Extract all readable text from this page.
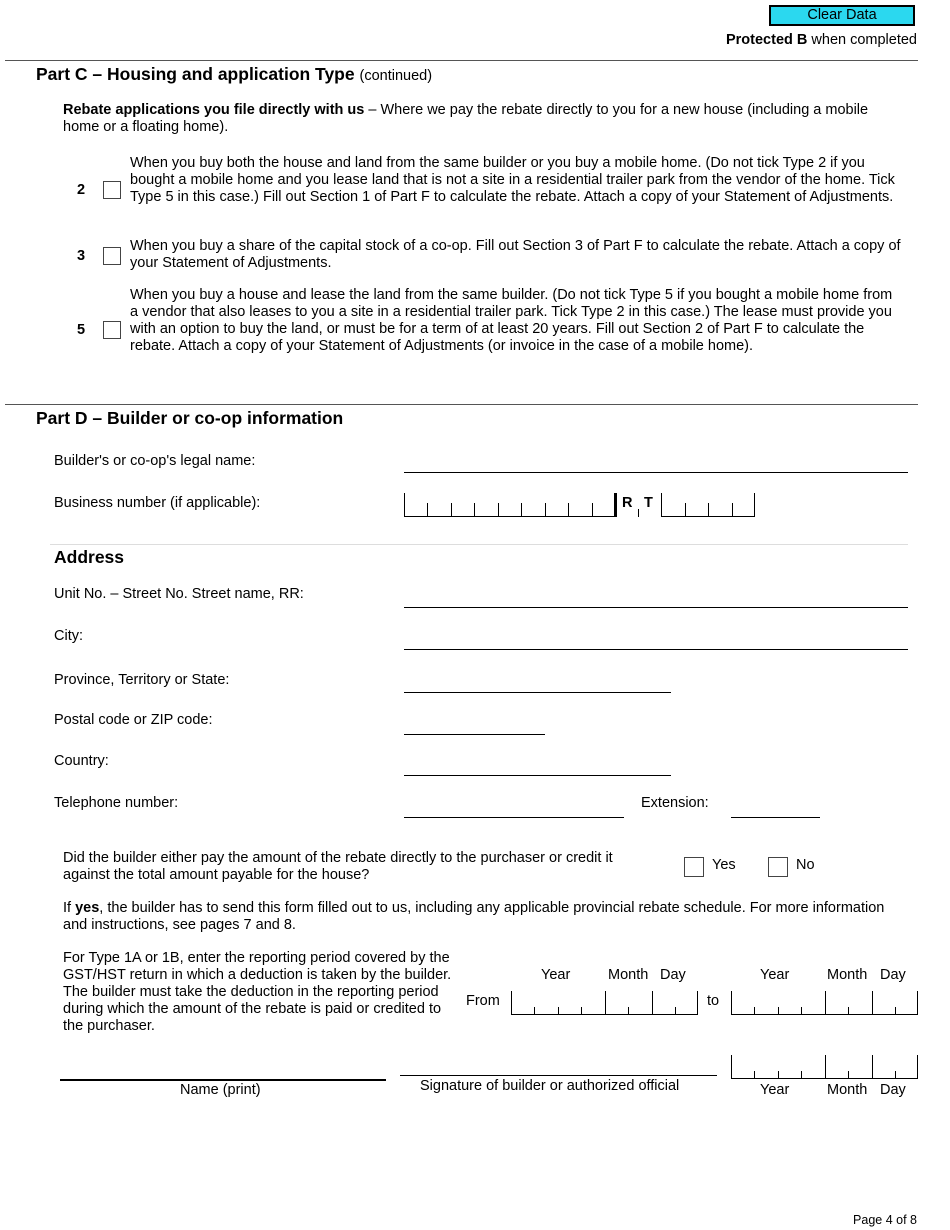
Clear Data
Protected B when completed
Part C – Housing and application Type (continued)
Rebate applications you file directly with us – Where we pay the rebate directly to you for a new house (including a mobile home or a floating home).
2
When you buy both the house and land from the same builder or you buy a mobile home. (Do not tick Type 2 if you bought a mobile home and you lease land that is not a site in a residential trailer park from the vendor of the home. Tick Type 5 in this case.) Fill out Section 1 of Part F to calculate the rebate. Attach a copy of your Statement of Adjustments.
3
When you buy a share of the capital stock of a co-op. Fill out Section 3 of Part F to calculate the rebate. Attach a copy of your Statement of Adjustments.
5
When you buy a house and lease the land from the same builder. (Do not tick Type 5 if you bought a mobile home from a vendor that also leases to you a site in a residential trailer park. Tick Type 2 in this case.) The lease must provide you with an option to buy the land, or must be for a term of at least 20 years. Fill out Section 2 of Part F to calculate the rebate. Attach a copy of your Statement of Adjustments (or invoice in the case of a mobile home).
Part D – Builder or co-op information
Builder's or co-op's legal name:
Business number (if applicable):	R T
Address
Unit No. – Street No. Street name, RR:
City:
Province, Territory or State:
Postal code or ZIP code:
Country:
Telephone number:	Extension:
Did the builder either pay the amount of the rebate directly to the purchaser or credit it against the total amount payable for the house?
Yes	No
If yes, the builder has to send this form filled out to us, including any applicable provincial rebate schedule. For more information and instructions, see pages 7 and 8.
For Type 1A or 1B, enter the reporting period covered by the GST/HST return in which a deduction is taken by the builder. The builder must take the deduction in the reporting period during which the amount of the rebate is paid or credited to the purchaser.
Year	Month Day
From	to
Year	Month Day
Name (print)	Signature of builder or authorized official	Year	Month Day
Page 4 of 8
